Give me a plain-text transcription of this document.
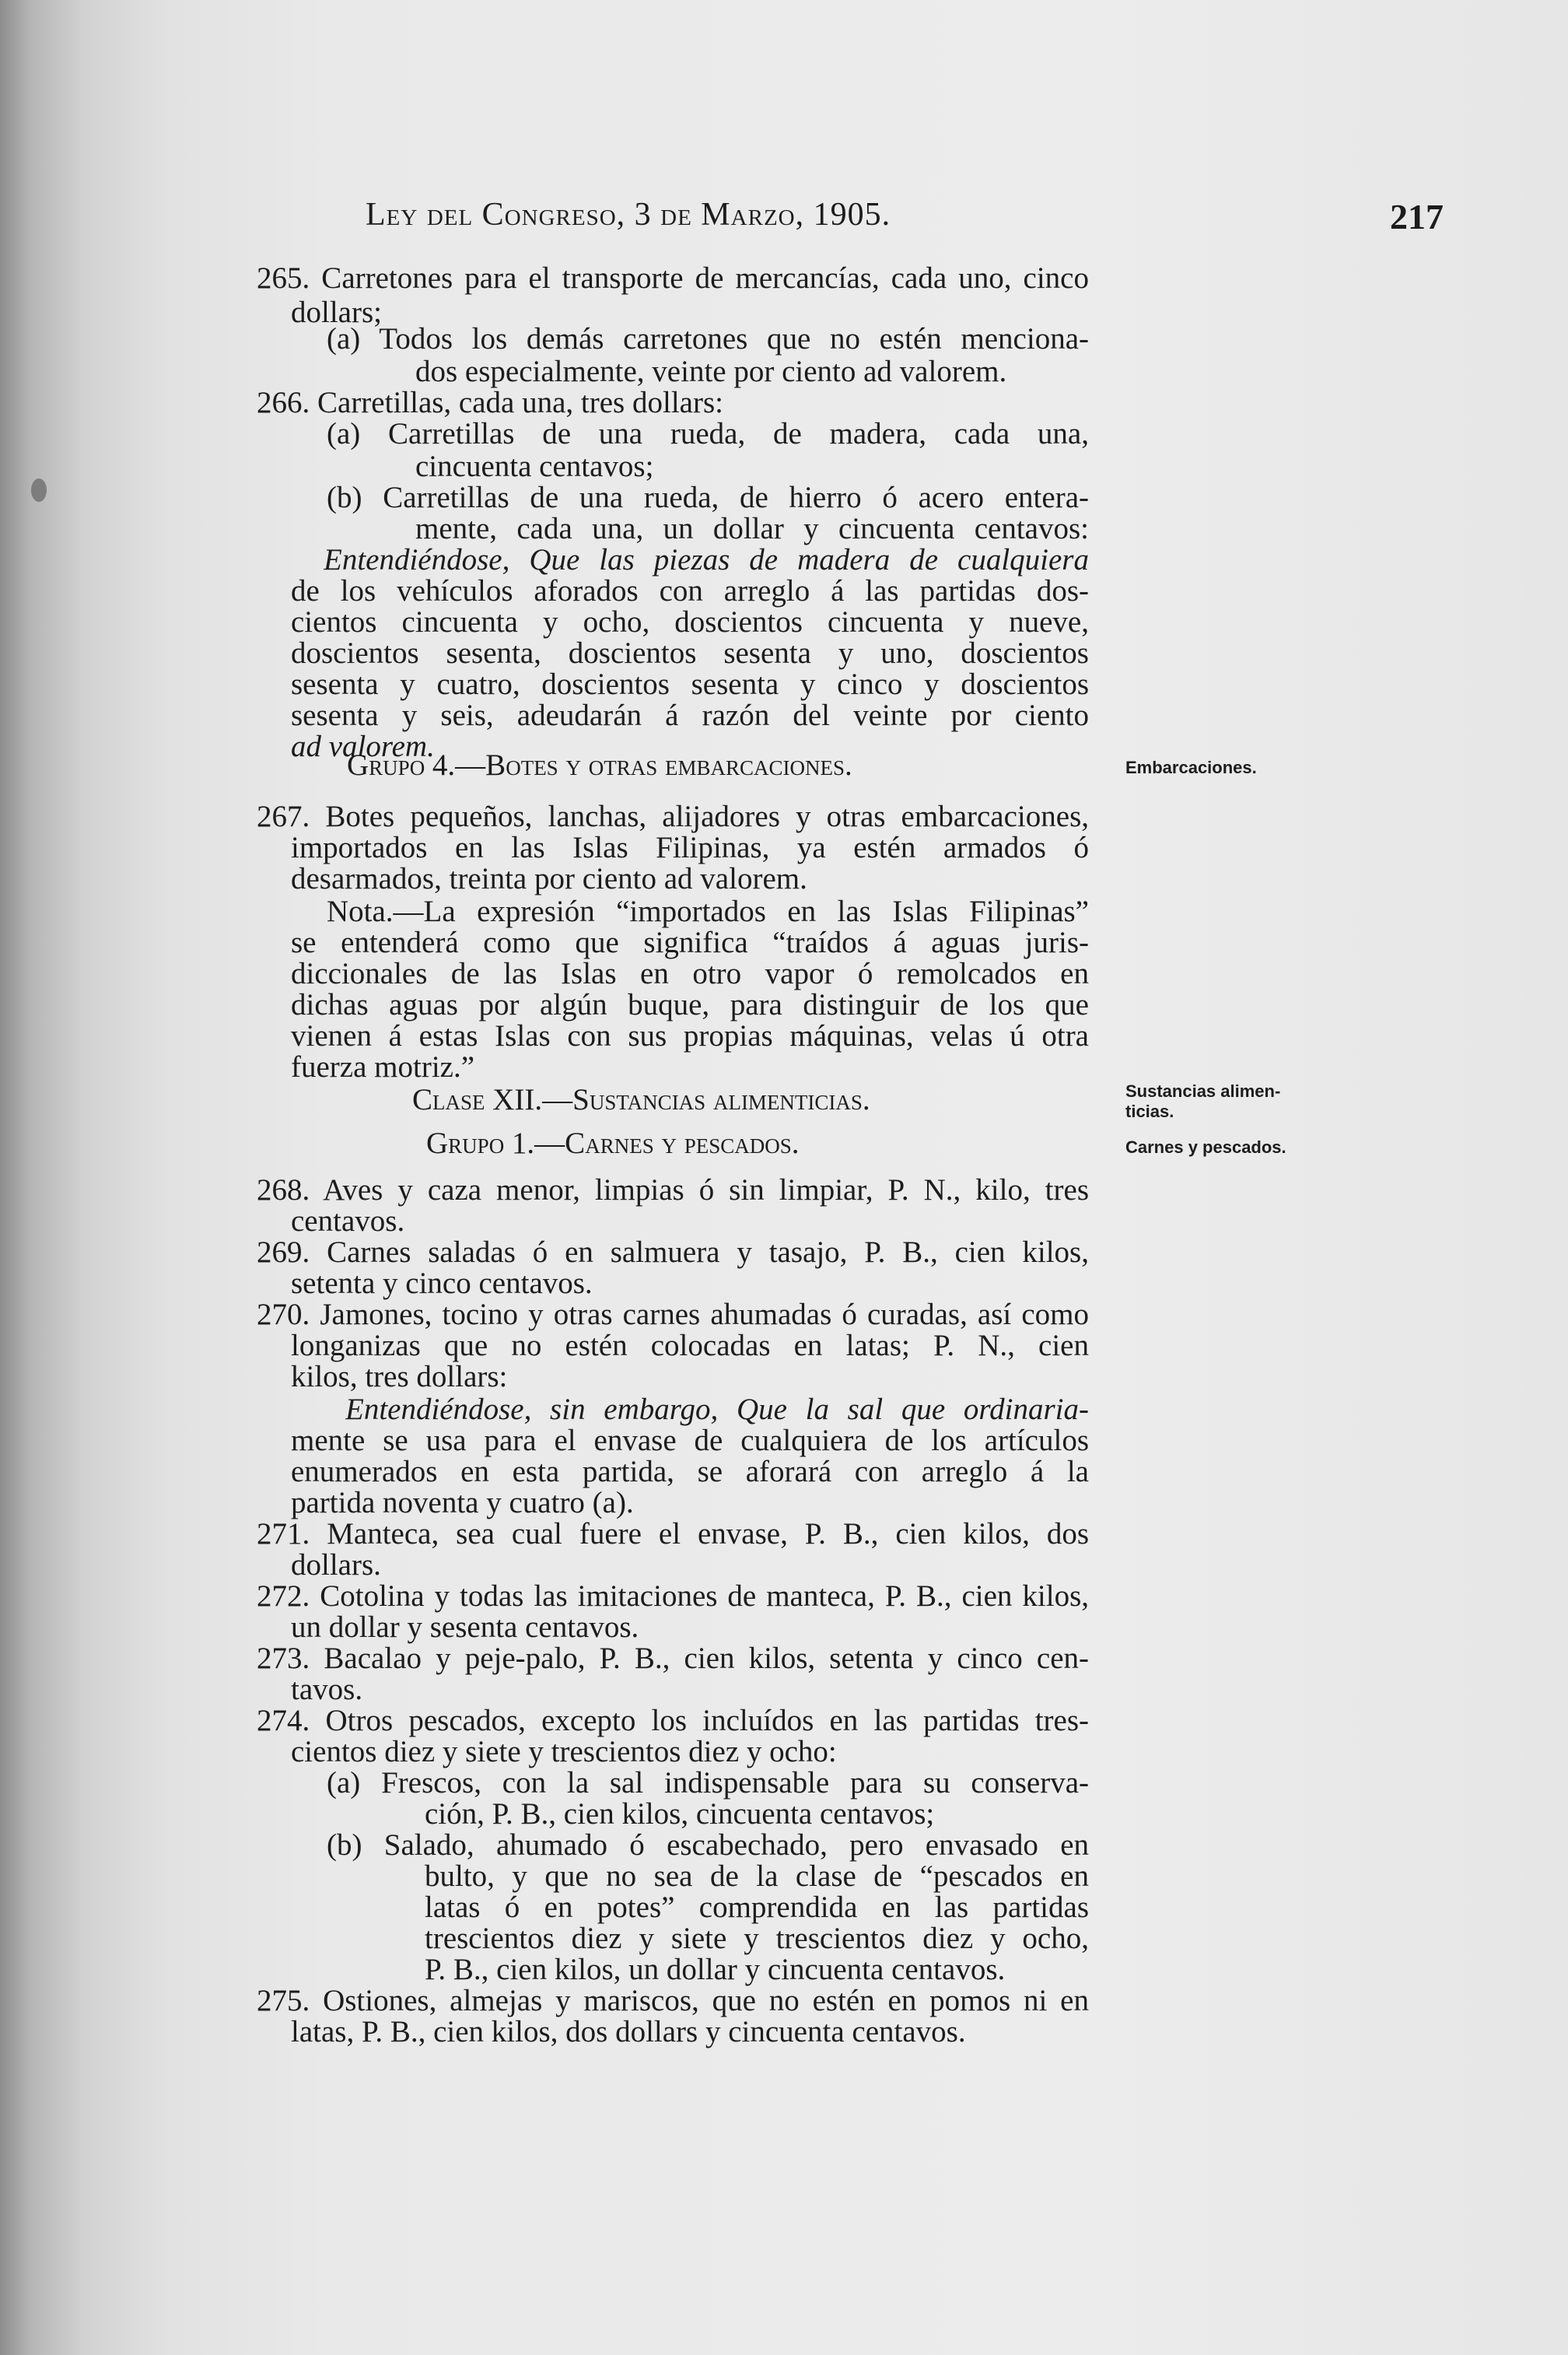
Ley del Congreso, 3 de Marzo, 1905.	217
265. Carretones para el transporte de mercancías, cada uno, cinco
dollars;
(a) Todos los demás carretones que no estén menciona-
dos especialmente, veinte por ciento ad valorem.
266. Carretillas, cada una, tres dollars:
(a) Carretillas de una rueda, de madera, cada una,
cincuenta centavos;
(b) Carretillas de una rueda, de hierro ó acero entera-
mente, cada una, un dollar y cincuenta centavos:
Entendiéndose, Que las piezas de madera de cualquiera
de los vehículos aforados con arreglo á las partidas dos-
cientos cincuenta y ocho, doscientos cincuenta y nueve,
doscientos sesenta, doscientos sesenta y uno, doscientos
sesenta y cuatro, doscientos sesenta y cinco y doscientos
sesenta y seis, adeudarán á razón del veinte por ciento
ad valorem.
Grupo 4.—Botes y otras embarcaciones.	Embarcaciones.
267. Botes pequeños, lanchas, alijadores y otras embarcaciones,
importados en las Islas Filipinas, ya estén armados ó
desarmados, treinta por ciento ad valorem.
Nota.—La expresión “importados en las Islas Filipinas”
se entenderá como que significa “traídos á aguas juris-
diccionales de las Islas en otro vapor ó remolcados en
dichas aguas por algún buque, para distinguir de los que
vienen á estas Islas con sus propias máquinas, velas ú otra
fuerza motriz.”
Clase XII.—Sustancias alimenticias.	Sustancias alimen-
ticias.
Grupo 1.—Carnes y pescados.	Carnes y pescados.
268. Aves y caza menor, limpias ó sin limpiar, P. N., kilo, tres
centavos.
269. Carnes saladas ó en salmuera y tasajo, P. B., cien kilos,
setenta y cinco centavos.
270. Jamones, tocino y otras carnes ahumadas ó curadas, así como
longanizas que no estén colocadas en latas; P. N., cien
kilos, tres dollars:
Entendiéndose, sin embargo, Que la sal que ordinaria-
mente se usa para el envase de cualquiera de los artículos
enumerados en esta partida, se aforará con arreglo á la
partida noventa y cuatro (a).
271. Manteca, sea cual fuere el envase, P. B., cien kilos, dos
dollars.
272. Cotolina y todas las imitaciones de manteca, P. B., cien kilos,
un dollar y sesenta centavos.
273. Bacalao y peje-palo, P. B., cien kilos, setenta y cinco cen-
tavos.
274. Otros pescados, excepto los incluídos en las partidas tres-
cientos diez y siete y trescientos diez y ocho:
(a) Frescos, con la sal indispensable para su conserva-
ción, P. B., cien kilos, cincuenta centavos;
(b) Salado, ahumado ó escabechado, pero envasado en
bulto, y que no sea de la clase de “pescados en
latas ó en potes” comprendida en las partidas
trescientos diez y siete y trescientos diez y ocho,
P. B., cien kilos, un dollar y cincuenta centavos.
275. Ostiones, almejas y mariscos, que no estén en pomos ni en
latas, P. B., cien kilos, dos dollars y cincuenta centavos.
